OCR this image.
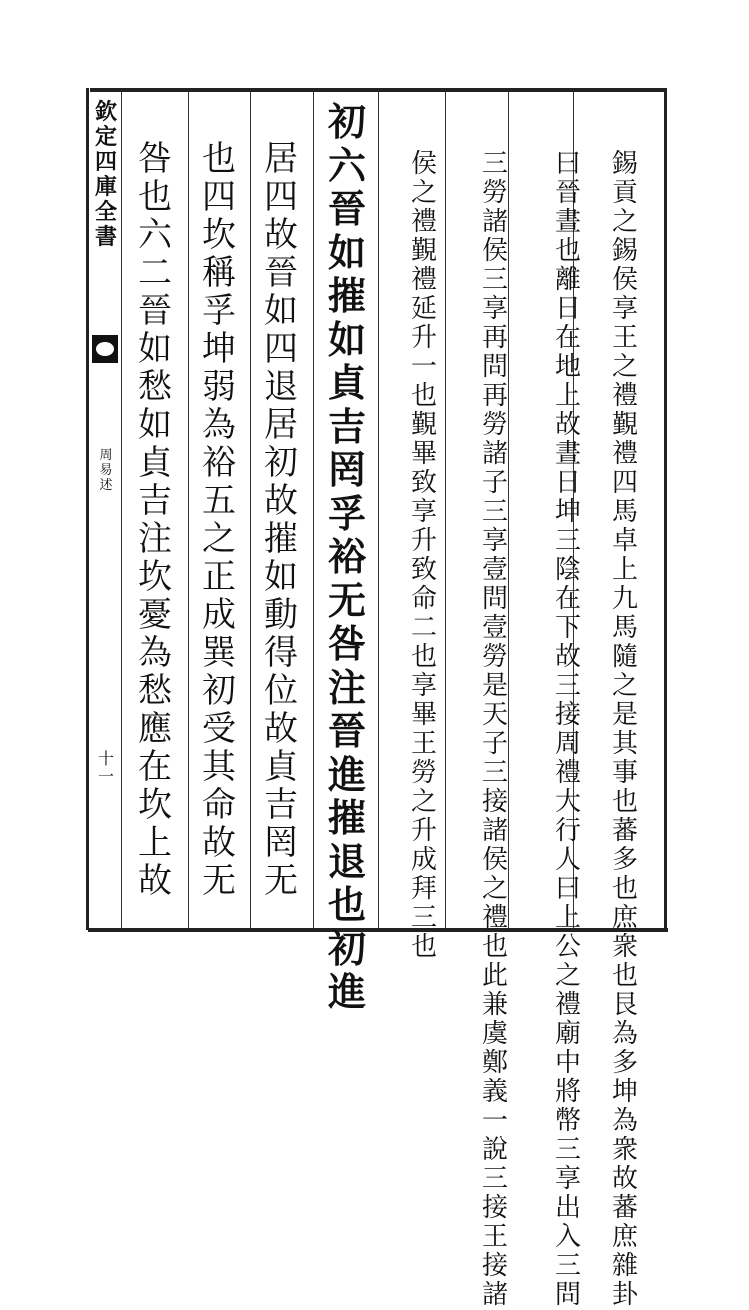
欽定四庫全書
周易述
十一
錫貢之錫侯享王之禮覲禮四馬卓上九馬隨之是其事也蕃多也庶衆也艮為多坤為衆故蕃庶雜卦
曰晉晝也離日在地上故晝日坤三陰在下故三接周禮大行人曰上公之禮廟中將幣三享出入三問
三勞諸侯三享再問再勞諸子三享壹問壹勞是天子三接諸侯之禮也此兼虞鄭義一說三接王接諸
侯之禮覲禮延升一也覲畢致享升致命二也享畢王勞之升成拜三也
初六晉如摧如貞吉罔孚裕无咎注晉進摧退也初進
居四故晉如四退居初故摧如動得位故貞吉罔无
也四坎稱孚坤弱為裕五之正成巽初受其命故无
咎也六二晉如愁如貞吉注坎憂為愁應在坎上故
